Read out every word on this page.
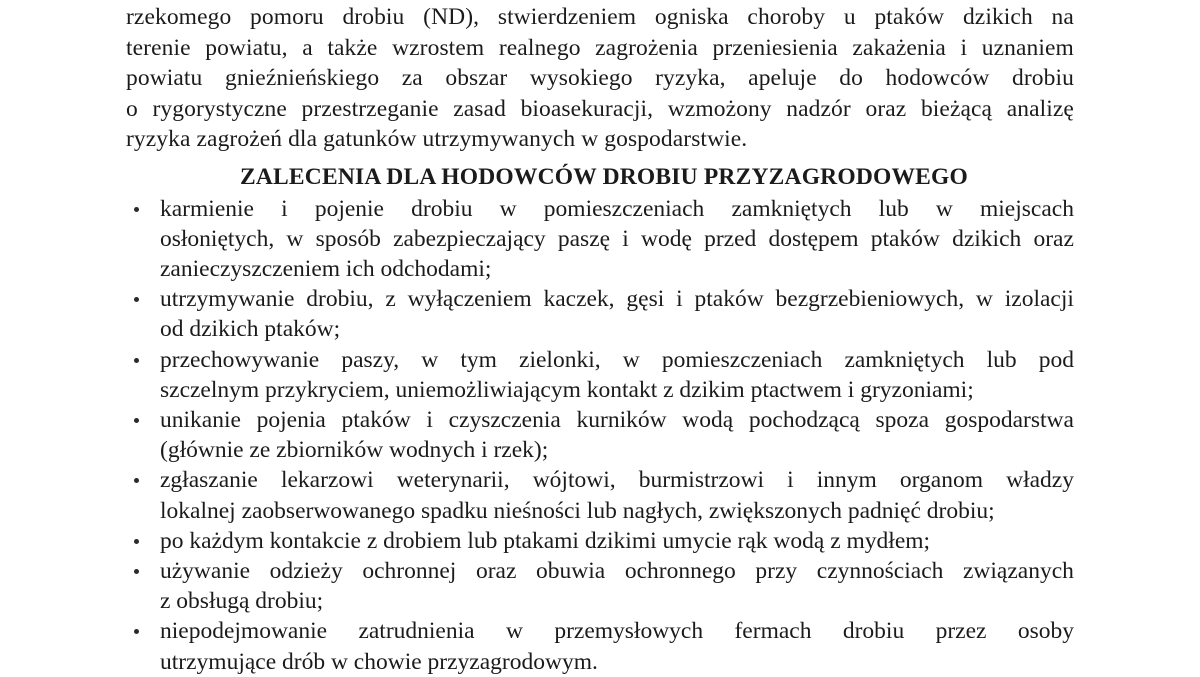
rzekomego pomoru drobiu (ND), stwierdzeniem ogniska choroby u ptaków dzikich na
terenie powiatu, a także wzrostem realnego zagrożenia przeniesienia zakażenia i uznaniem
powiatu gnieźnieńskiego za obszar wysokiego ryzyka, apeluje do hodowców drobiu
o rygorystyczne przestrzeganie zasad bioasekuracji, wzmożony nadzór oraz bieżącą analizę
ryzyka zagrożeń dla gatunków utrzymywanych w gospodarstwie.

ZALECENIA DLA HODOWCÓW DROBIU PRZYZAGRODOWEGO
karmienie i pojenie drobiu w pomieszczeniach zamkniętych lub w miejscach
osłoniętych, w sposób zabezpieczający paszę i wodę przed dostępem ptaków dzikich oraz
zanieczyszczeniem ich odchodami;
utrzymywanie drobiu, z wyłączeniem kaczek, gęsi i ptaków bezgrzebieniowych, w izolacji
od dzikich ptaków;
przechowywanie paszy, w tym zielonki, w pomieszczeniach zamkniętych lub pod
szczelnym przykryciem, uniemożliwiającym kontakt z dzikim ptactwem i gryzoniami;
unikanie pojenia ptaków i czyszczenia kurników wodą pochodzącą spoza gospodarstwa
(głównie ze zbiorników wodnych i rzek);
zgłaszanie lekarzowi weterynarii, wójtowi, burmistrzowi i innym organom władzy
lokalnej zaobserwowanego spadku nieśności lub nagłych, zwiększonych padnięć drobiu;
po każdym kontakcie z drobiem lub ptakami dzikimi umycie rąk wodą z mydłem;
używanie odzieży ochronnej oraz obuwia ochronnego przy czynnościach związanych
z obsługą drobiu;
niepodejmowanie zatrudnienia w przemysłowych fermach drobiu przez osoby
utrzymujące drób w chowie przyzagrodowym.
